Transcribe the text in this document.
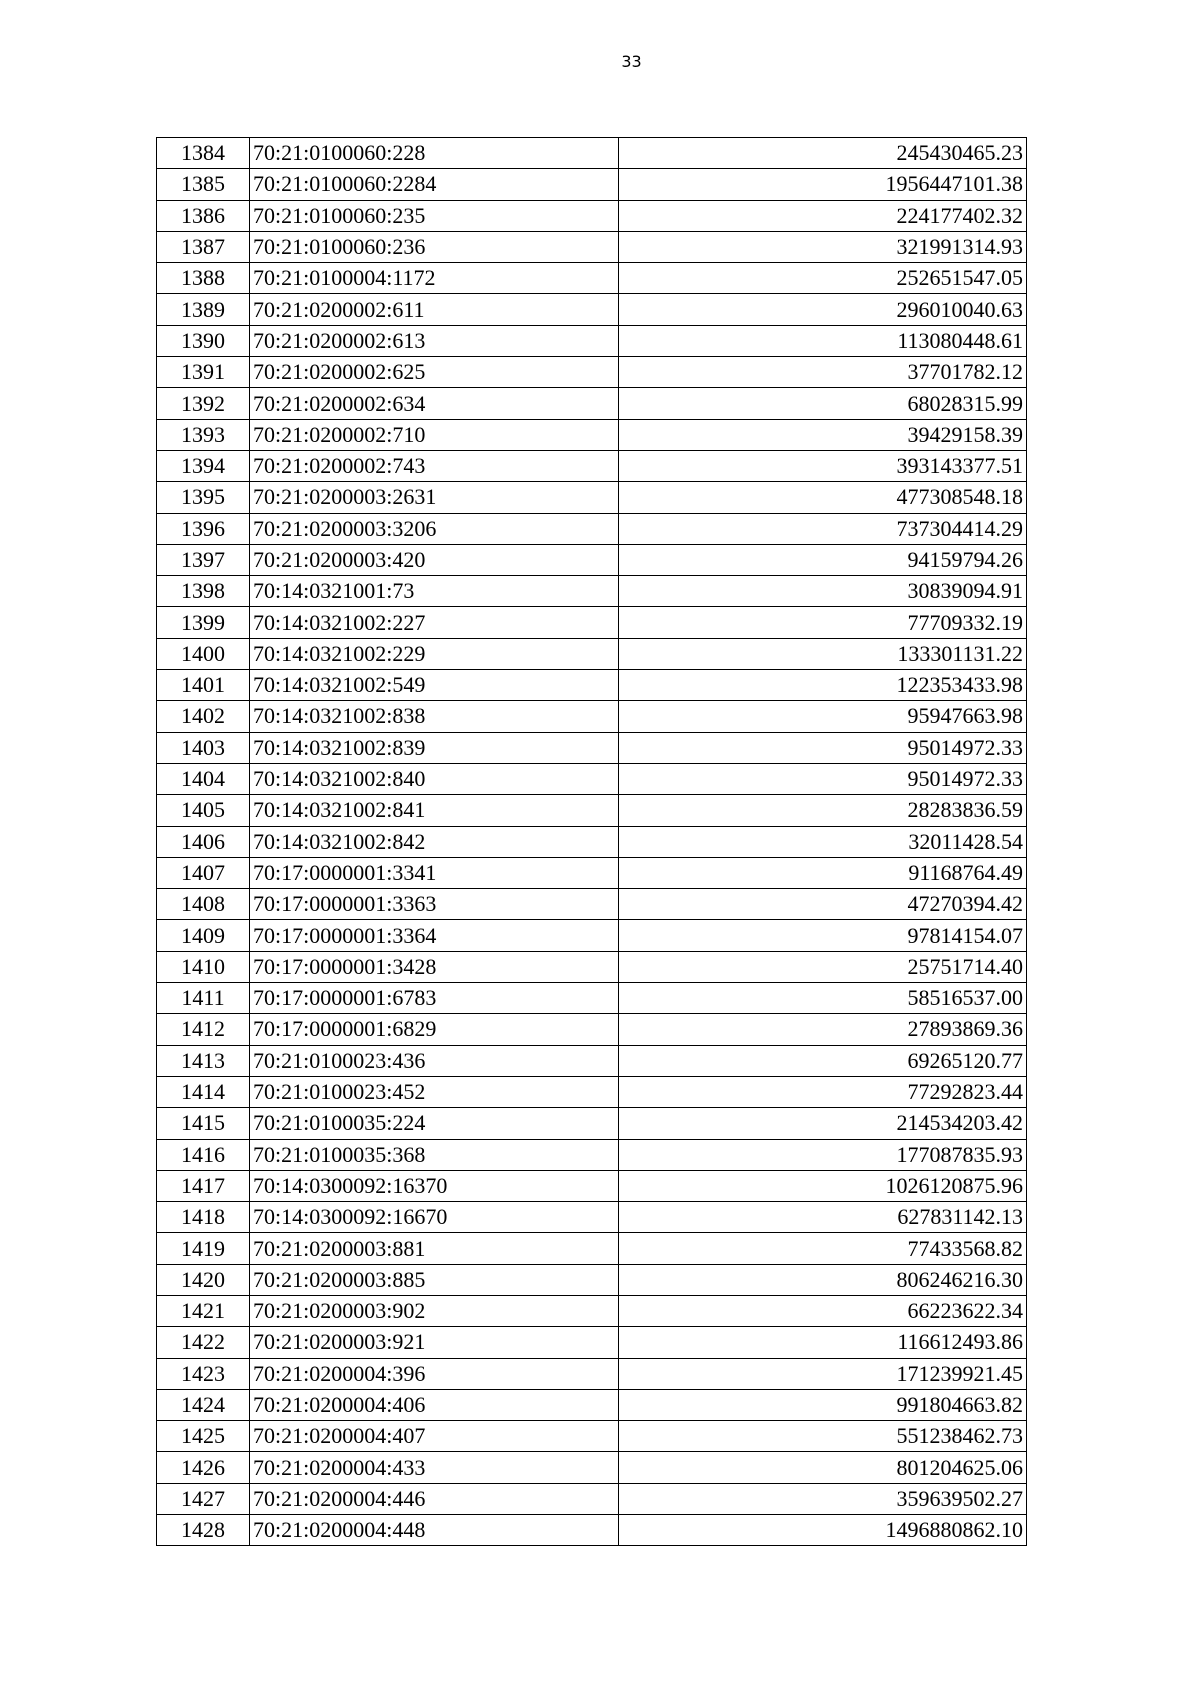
33
1384	70:21:0100060:228	245430465.23
1385	70:21:0100060:2284	1956447101.38
1386	70:21:0100060:235	224177402.32
1387	70:21:0100060:236	321991314.93
1388	70:21:0100004:1172	252651547.05
1389	70:21:0200002:611	296010040.63
1390	70:21:0200002:613	113080448.61
1391	70:21:0200002:625	37701782.12
1392	70:21:0200002:634	68028315.99
1393	70:21:0200002:710	39429158.39
1394	70:21:0200002:743	393143377.51
1395	70:21:0200003:2631	477308548.18
1396	70:21:0200003:3206	737304414.29
1397	70:21:0200003:420	94159794.26
1398	70:14:0321001:73	30839094.91
1399	70:14:0321002:227	77709332.19
1400	70:14:0321002:229	133301131.22
1401	70:14:0321002:549	122353433.98
1402	70:14:0321002:838	95947663.98
1403	70:14:0321002:839	95014972.33
1404	70:14:0321002:840	95014972.33
1405	70:14:0321002:841	28283836.59
1406	70:14:0321002:842	32011428.54
1407	70:17:0000001:3341	91168764.49
1408	70:17:0000001:3363	47270394.42
1409	70:17:0000001:3364	97814154.07
1410	70:17:0000001:3428	25751714.40
1411	70:17:0000001:6783	58516537.00
1412	70:17:0000001:6829	27893869.36
1413	70:21:0100023:436	69265120.77
1414	70:21:0100023:452	77292823.44
1415	70:21:0100035:224	214534203.42
1416	70:21:0100035:368	177087835.93
1417	70:14:0300092:16370	1026120875.96
1418	70:14:0300092:16670	627831142.13
1419	70:21:0200003:881	77433568.82
1420	70:21:0200003:885	806246216.30
1421	70:21:0200003:902	66223622.34
1422	70:21:0200003:921	116612493.86
1423	70:21:0200004:396	171239921.45
1424	70:21:0200004:406	991804663.82
1425	70:21:0200004:407	551238462.73
1426	70:21:0200004:433	801204625.06
1427	70:21:0200004:446	359639502.27
1428	70:21:0200004:448	1496880862.10
